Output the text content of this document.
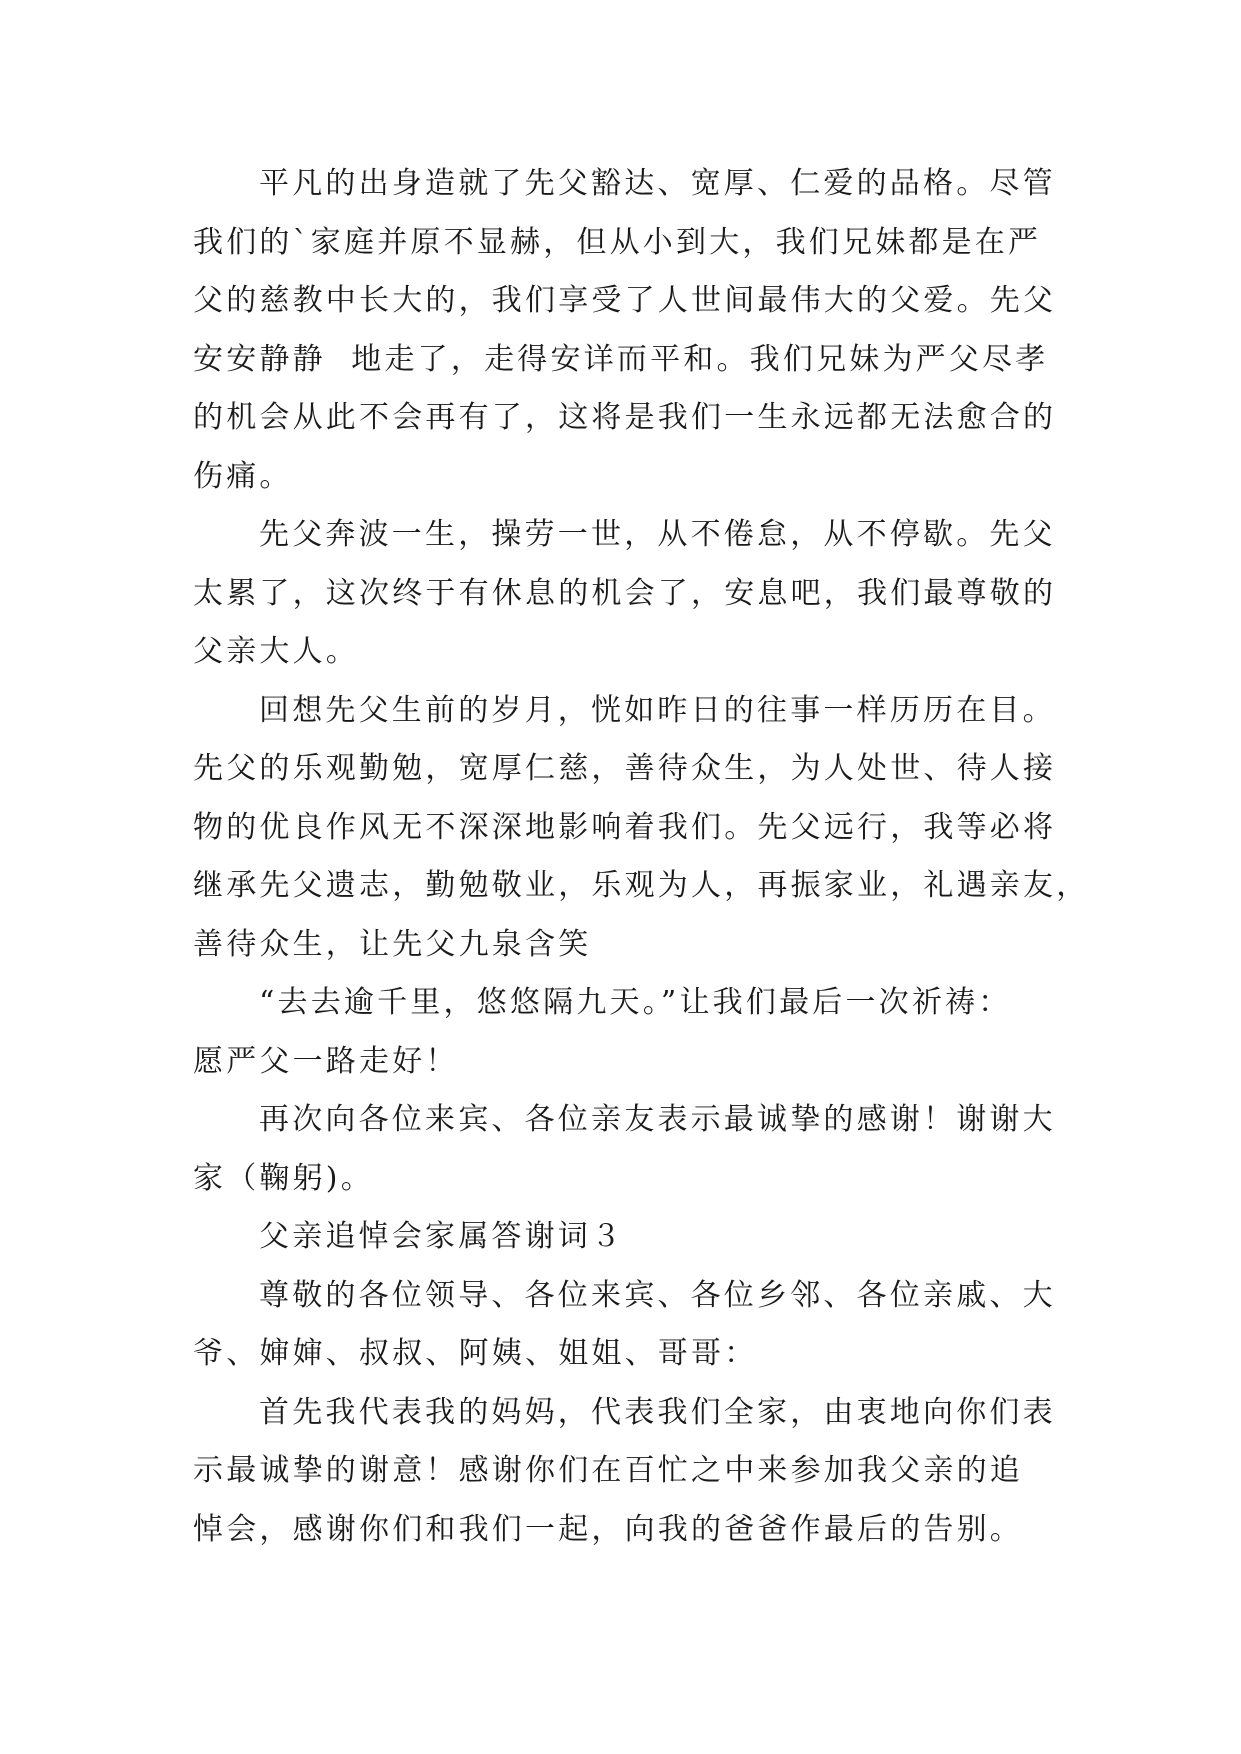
平凡的出身造就了先父豁达、宽厚、仁爱的品格。尽管
我们的`家庭并原不显赫，但从小到大，我们兄妹都是在严
父的慈教中长大的，我们享受了人世间最伟大的父爱。先父
安安静静  地走了，走得安详而平和。我们兄妹为严父尽孝
的机会从此不会再有了，这将是我们一生永远都无法愈合的
伤痛。
先父奔波一生，操劳一世，从不倦怠，从不停歇。先父
太累了，这次终于有休息的机会了，安息吧，我们最尊敬的
父亲大人。
回想先父生前的岁月，恍如昨日的往事一样历历在目。
先父的乐观勤勉，宽厚仁慈，善待众生，为人处世、待人接
物的优良作风无不深深地影响着我们。先父远行，我等必将
继承先父遗志，勤勉敬业，乐观为人，再振家业，礼遇亲友，
善待众生，让先父九泉含笑
“去去逾千里，悠悠隔九天。”让我们最后一次祈祷：
愿严父一路走好！
再次向各位来宾、各位亲友表示最诚挚的感谢！谢谢大
家（鞠躬)。
父亲追悼会家属答谢词３
尊敬的各位领导、各位来宾、各位乡邻、各位亲戚、大
爷、婶婶、叔叔、阿姨、姐姐、哥哥：
首先我代表我的妈妈，代表我们全家，由衷地向你们表
示最诚挚的谢意！感谢你们在百忙之中来参加我父亲的追
悼会，感谢你们和我们一起，向我的爸爸作最后的告别。
